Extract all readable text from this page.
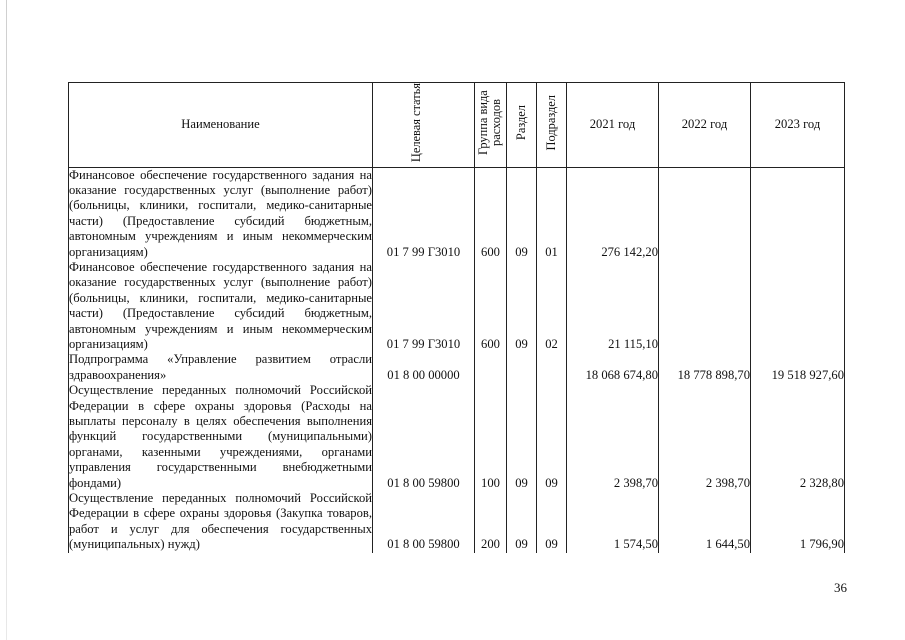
Наименование	Целевая статья	Группа вида расходов	Раздел	Подраздел	2021 год	2022 год	2023 год
Финансовое обеспечение государственного задания на оказание государственных услуг (выполнение работ) (больницы, клиники, госпитали, медико-санитарные части) (Предоставление субсидий бюджетным, автономным учреждениям и иным некоммерческим организациям)	01 7 99 Г3010	600	09	01	276 142,20		
Финансовое обеспечение государственного задания на оказание государственных услуг (выполнение работ) (больницы, клиники, госпитали, медико-санитарные части) (Предоставление субсидий бюджетным, автономным учреждениям и иным некоммерческим организациям)	01 7 99 Г3010	600	09	02	21 115,10		
Подпрограмма «Управление развитием отрасли здравоохранения»	01 8 00 00000				18 068 674,80	18 778 898,70	19 518 927,60
Осуществление переданных полномочий Российской Федерации в сфере охраны здоровья (Расходы на выплаты персоналу в целях обеспечения выполнения функций государственными (муниципальными) органами, казенными учреждениями, органами управления государственными внебюджетными фондами)	01 8 00 59800	100	09	09	2 398,70	2 398,70	2 328,80
Осуществление переданных полномочий Российской Федерации в сфере охраны здоровья (Закупка товаров, работ и услуг для обеспечения государственных (муниципальных) нужд)	01 8 00 59800	200	09	09	1 574,50	1 644,50	1 796,90
36
